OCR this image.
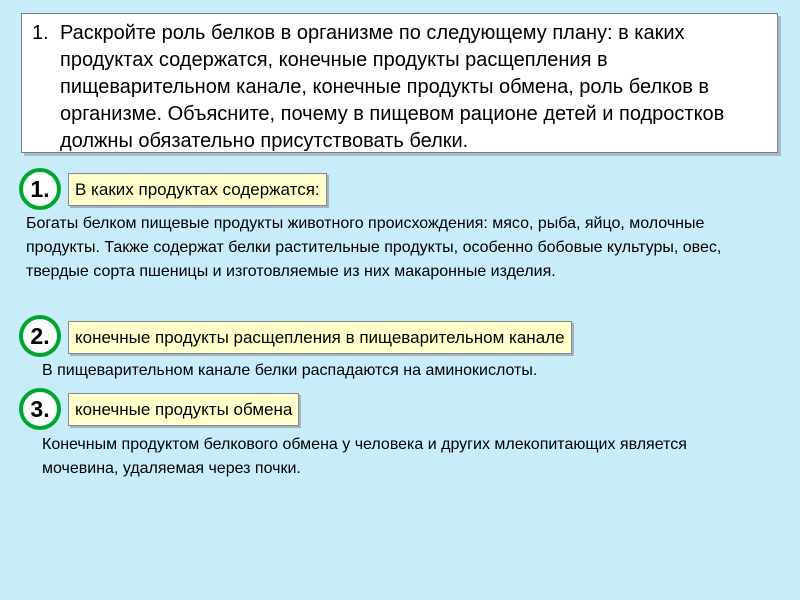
1. Раскройте роль белков в организме по следующему плану: в каких продуктах содержатся, конечные продукты расщепления в пищеварительном канале, конечные продукты обмена, роль белков в организме. Объясните, почему в пищевом рационе детей и подростков должны обязательно присутствовать белки.
1.	В каких продуктах содержатся:
Богаты белком пищевые продукты животного происхождения: мясо, рыба, яйцо, молочные продукты. Также содержат белки растительные продукты, особенно бобовые культуры, овес, твердые сорта пшеницы и изготовляемые из них макаронные изделия.
2.	конечные продукты расщепления в пищеварительном канале
В пищеварительном канале белки распадаются на аминокислоты.
3.	конечные продукты обмена
Конечным продуктом белкового обмена у человека и других млекопитающих является мочевина, удаляемая через почки.
